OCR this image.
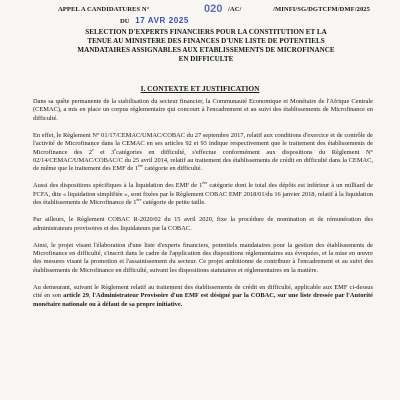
APPEL A CANDIDATURES N°	020 /AC/	/MINFI/SG/DGTCFM/DMF/2025
DU 17 AVR 2025

SELECTION D'EXPERTS FINANCIERS POUR LA CONSTITUTION ET LA

TENUE AU MINISTERE DES FINANCES D'UNE LISTE DE POTENTIELS

MANDATAIRES ASSIGNABLES AUX ETABLISSEMENTS DE MICROFINANCE

EN DIFFICULTE

I. CONTEXTE ET JUSTIFICATION

Dans sa quête permanente de la stabilisation du secteur financier, la Communauté Economique et Monétaire de l'Afrique Centrale (CEMAC), a mis en place un corpus réglementaire qui concourt à l'encadrement et au suivi des établissements de Microfinance en difficulté.

En effet, le Règlement N° 01/17/CEMAC/UMAC/COBAC du 27 septembre 2017, relatif aux conditions d'exercice et de contrôle de l'activité de Microfinance dans la CEMAC en ses articles 92 et 93 indique respectivement que le traitement des établissements de Microfinance des 2e et 3ecatégories en difficulté, s'effectue conformément aux dispositions du Règlement N° 02/14/CEMAC/UMAC/COBAC/C du 25 avril 2014, relatif au traitement des établissements de crédit en difficulté dans la CEMAC, de même que le traitement des EMF de 1ère catégorie en difficulté.

Aussi des dispositions spécifiques à la liquidation des EMF de 1ère catégorie dont le total des dépôts est inférieur à un milliard de FCFA, dite « liquidation simplifiée », sont fixées par le Règlement COBAC EMF 2018/01/du 16 janvier 2018, relatif à la liquidation des établissements de Microfinance de 1ère catégorie de petite taille.

Par ailleurs, le Règlement COBAC R-2020/02 du 15 avril 2020, fixe la procédure de nomination et de rémunération des administrateurs provisoires et des liquidateurs par la COBAC.

Ainsi, le projet visant l'élaboration d'une liste d'experts financiers, potentiels mandataires pour la gestion des établissements de Microfinance en difficulté, s'inscrit dans le cadre de l'application des dispositions réglementaires sus évoquées, et la mise en œuvre des mesures visant la promotion et l'assainissement du secteur. Ce projet ambitionne de contribuer à l'encadrement et au suivi des établissements de Microfinance en difficulté, suivant les dispositions statutaires et réglementaires en la matière.

Au demeurant, suivant le Règlement relatif au traitement des établissements de crédit en difficulté, applicable aux EMF ci-dessus cité en son article 29, l'Administrateur Provisoire d'un EMF est désigné par la COBAC, sur une liste dressée par l'Autorité monétaire nationale ou à défaut de sa propre initiative.
